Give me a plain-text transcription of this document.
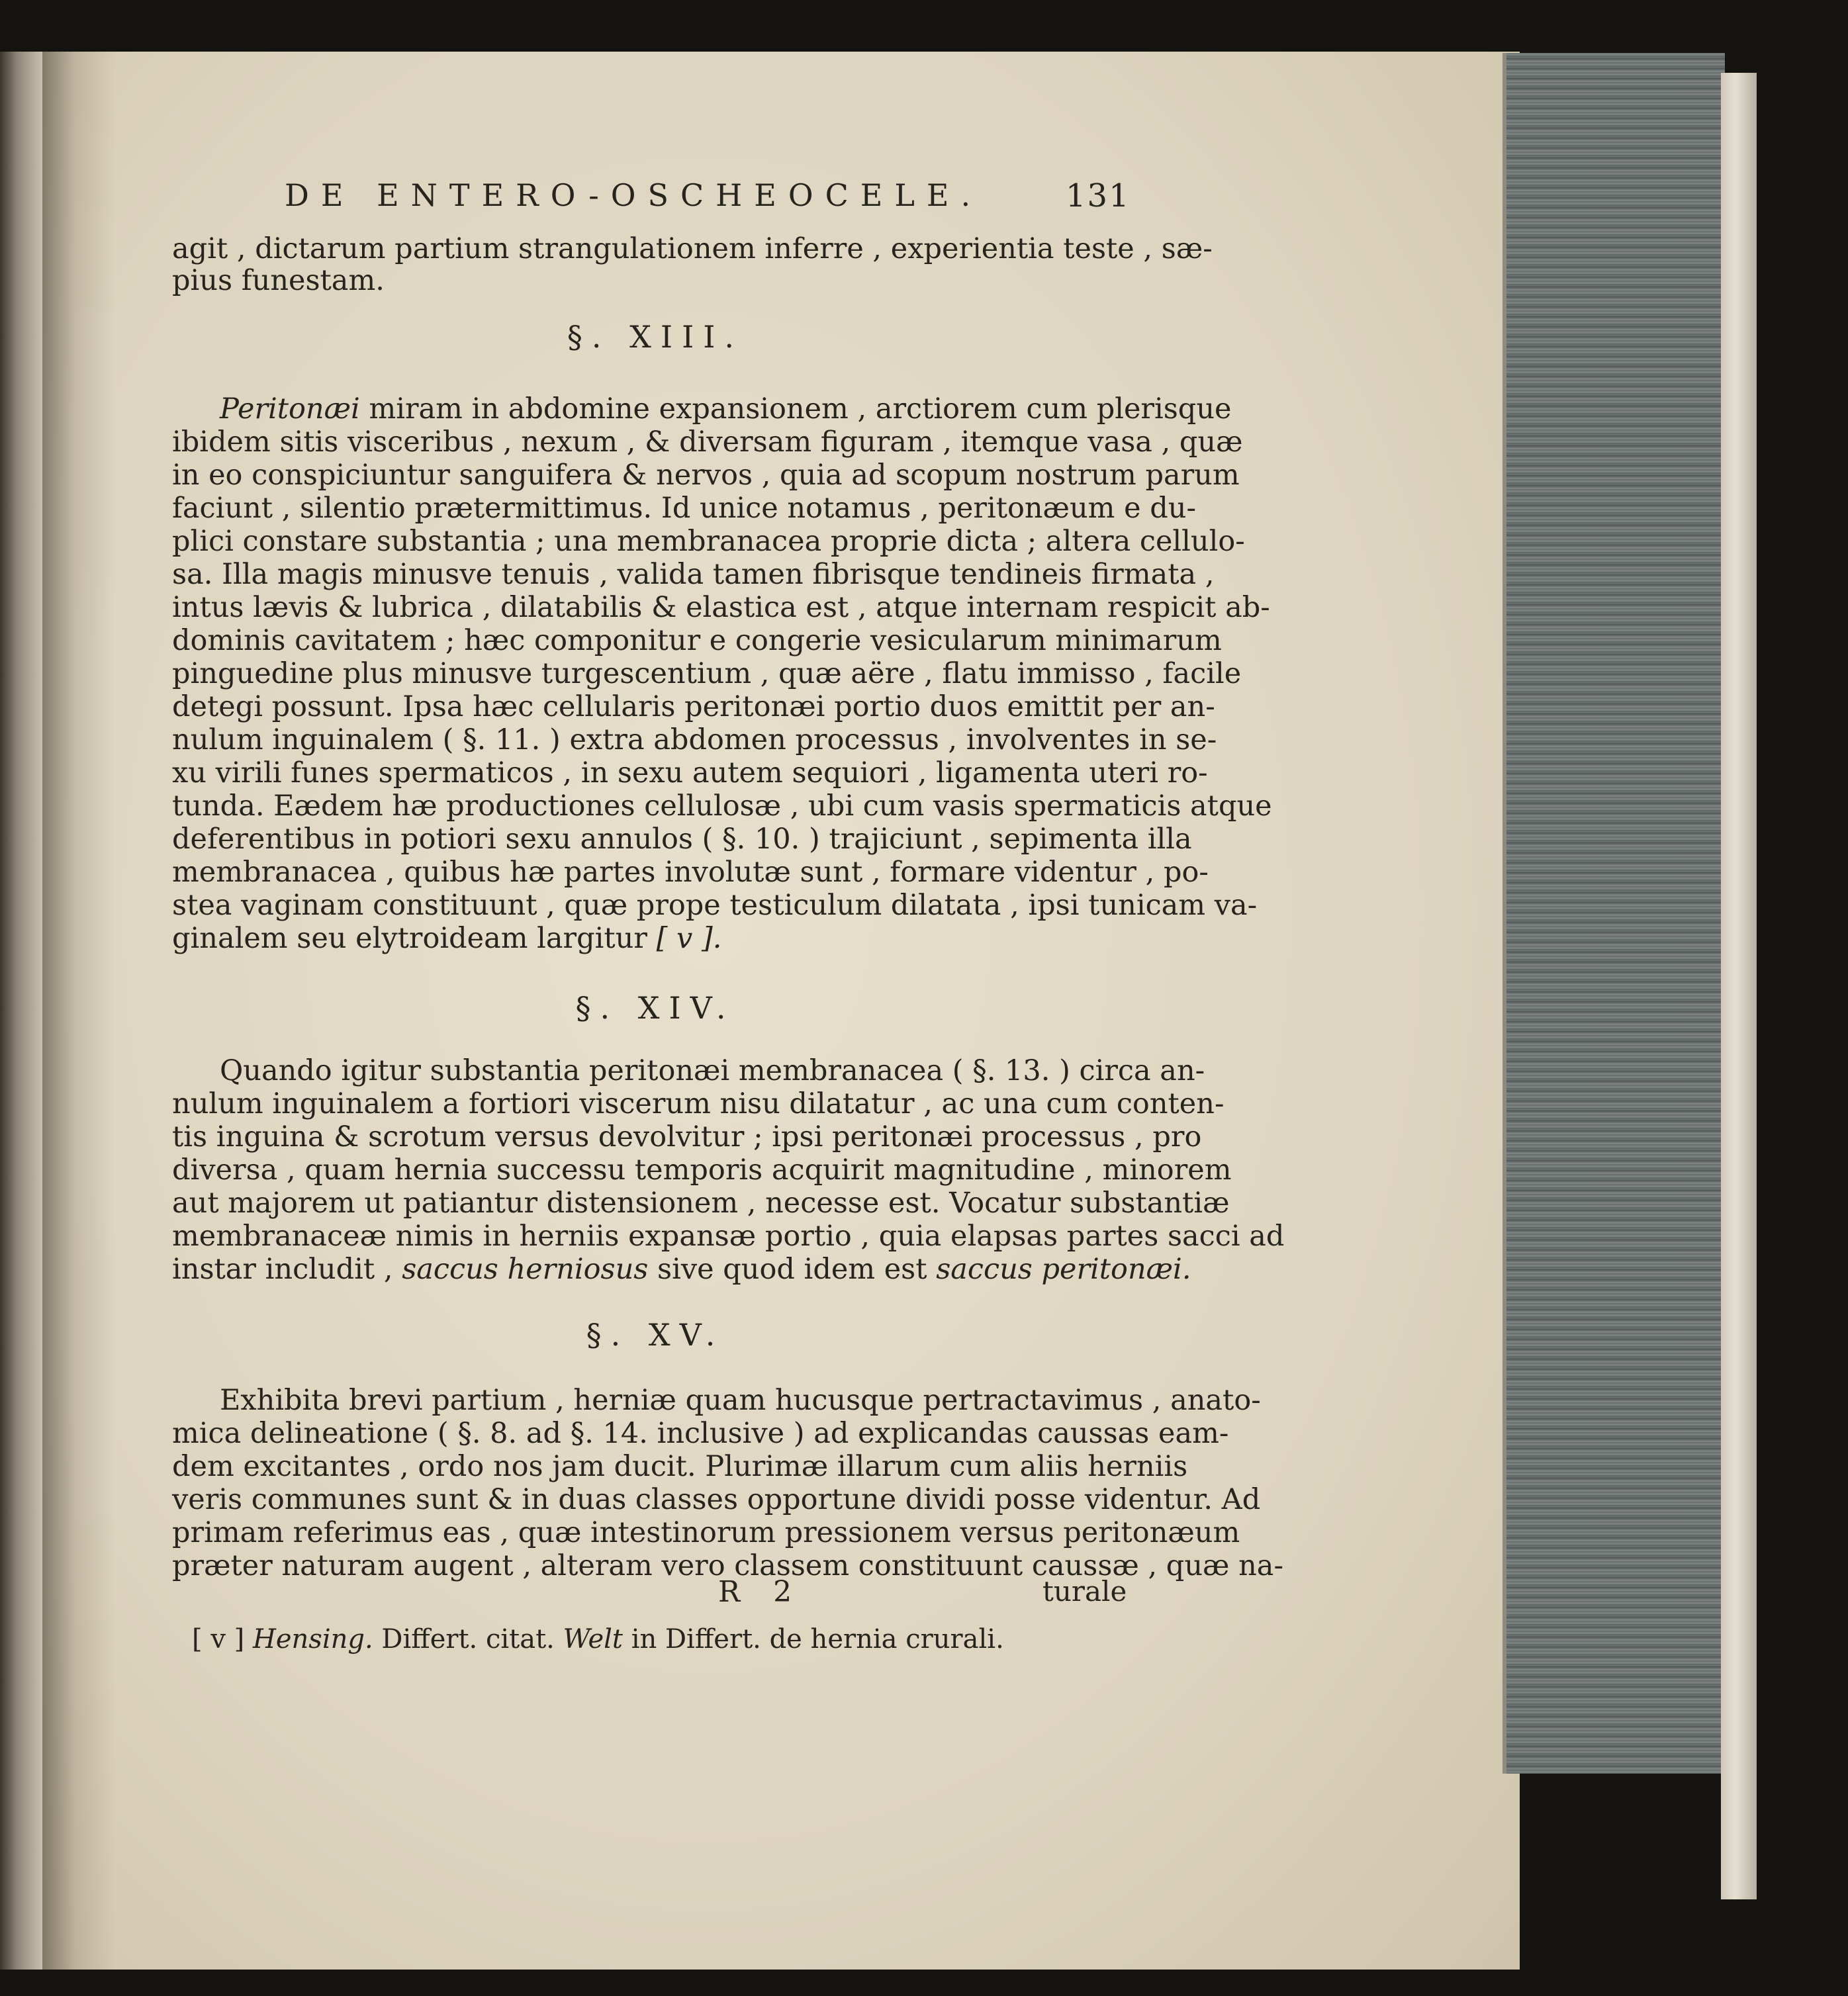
DE ENTERO-OSCHEOCELE.	131
agit , dictarum partium strangulationem inferre , experientia teste , sæ-
pius funestam.
§. XIII.
Peritonæi miram in abdomine expansionem , arctiorem cum plerisque
ibidem sitis visceribus , nexum , & diversam figuram , itemque vasa , quæ
in eo conspiciuntur sanguifera & nervos , quia ad scopum nostrum parum
faciunt , silentio prætermittimus. Id unice notamus , peritonæum e du-
plici constare substantia ; una membranacea proprie dicta ; altera cellulo-
sa. Illa magis minusve tenuis , valida tamen fibrisque tendineis firmata ,
intus lævis & lubrica , dilatabilis & elastica est , atque internam respicit ab-
dominis cavitatem ; hæc componitur e congerie vesicularum minimarum
pinguedine plus minusve turgescentium , quæ aëre , flatu immisso , facile
detegi possunt. Ipsa hæc cellularis peritonæi portio duos emittit per an-
nulum inguinalem ( §. 11. ) extra abdomen processus , involventes in se-
xu virili funes spermaticos , in sexu autem sequiori , ligamenta uteri ro-
tunda. Eædem hæ productiones cellulosæ , ubi cum vasis spermaticis atque
deferentibus in potiori sexu annulos ( §. 10. ) trajiciunt , sepimenta illa
membranacea , quibus hæ partes involutæ sunt , formare videntur , po-
stea vaginam constituunt , quæ prope testiculum dilatata , ipsi tunicam va-
ginalem seu elytroideam largitur [ v ].
§. XIV.
Quando igitur substantia peritonæi membranacea ( §. 13. ) circa an-
nulum inguinalem a fortiori viscerum nisu dilatatur , ac una cum conten-
tis inguina & scrotum versus devolvitur ; ipsi peritonæi processus , pro
diversa , quam hernia successu temporis acquirit magnitudine , minorem
aut majorem ut patiantur distensionem , necesse est. Vocatur substantiæ
membranaceæ nimis in herniis expansæ portio , quia elapsas partes sacci ad
instar includit , saccus herniosus sive quod idem est saccus peritonæi.
§. XV.
Exhibita brevi partium , herniæ quam hucusque pertractavimus , anato-
mica delineatione ( §. 8. ad §. 14. inclusive ) ad explicandas caussas eam-
dem excitantes , ordo nos jam ducit. Plurimæ illarum cum aliis herniis
veris communes sunt & in duas classes opportune dividi posse videntur. Ad
primam referimus eas , quæ intestinorum pressionem versus peritonæum
præter naturam augent , alteram vero classem constituunt caussæ , quæ na-
R 2	turale
[ v ] Hensing. Differt. citat. Welt in Differt. de hernia crurali.
